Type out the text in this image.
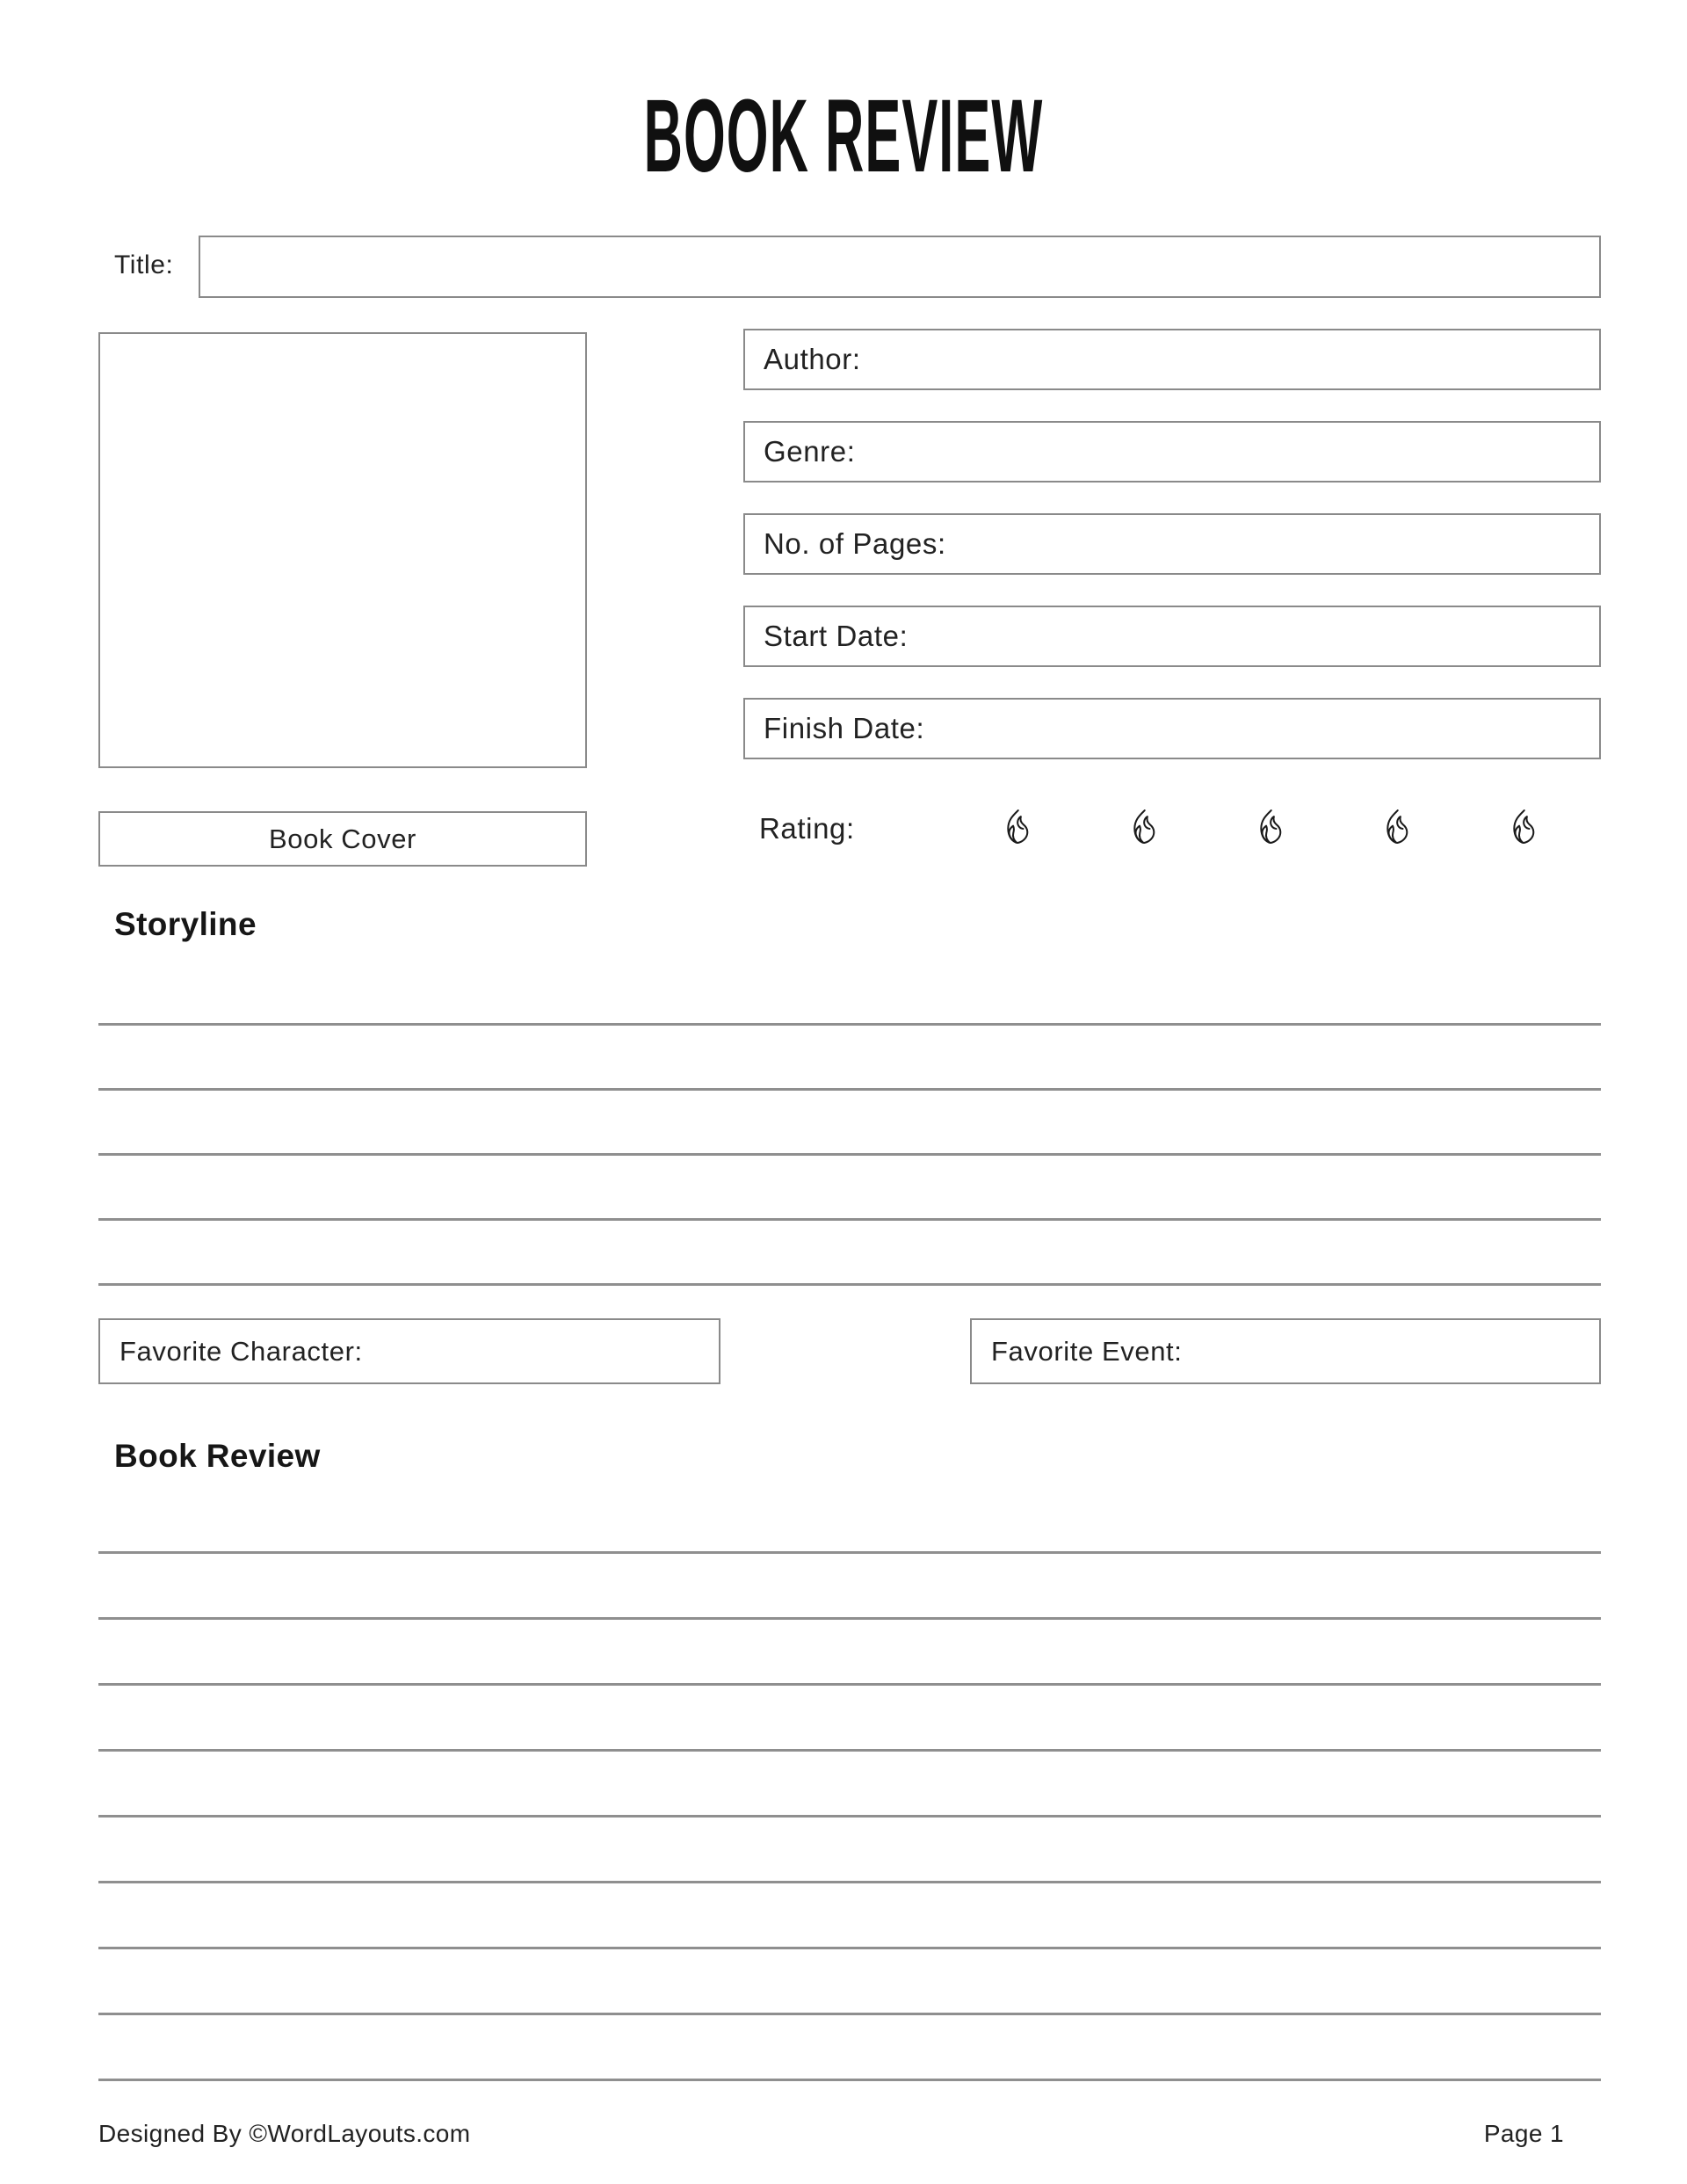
BOOK REVIEW
Title:
Book Cover
Author:
Genre:
No. of Pages:
Start Date:
Finish Date:
Rating:
Storyline
Favorite Character:	Favorite Event:
Book Review
Designed By ©WordLayouts.com	Page 1
